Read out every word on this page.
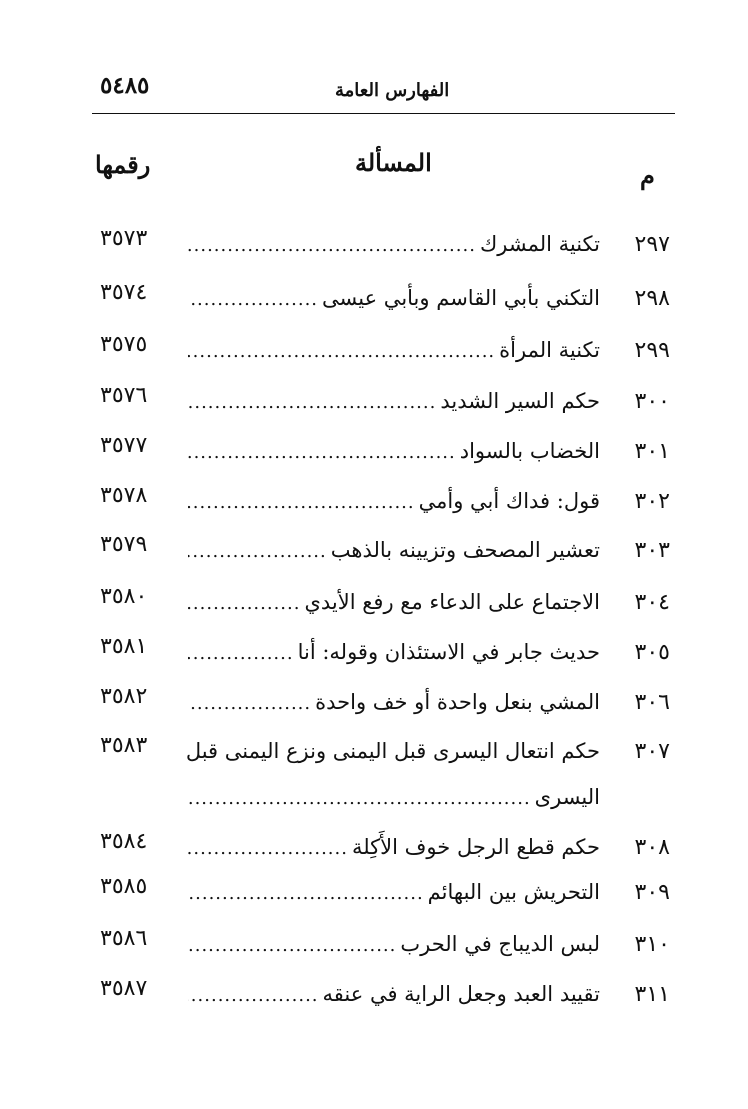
٥٤٨٥	الفهارس العامة
م
المسألة
رقمها
٢٩٧
تكنية المشرك
.....
٣٥٧٣
٢٩٨
التكني بأبي القاسم وبأبي عيسى
.....
٣٥٧٤
٢٩٩
تكنية المرأة
.....
٣٥٧٥
٣٠٠
حكم السير الشديد
.....
٣٥٧٦
٣٠١
الخضاب بالسواد
.....
٣٥٧٧
٣٠٢
قول: فداك أبي وأمي
.....
٣٥٧٨
٣٠٣
تعشير المصحف وتزيينه بالذهب
.....
٣٥٧٩
٣٠٤
الاجتماع على الدعاء مع رفع الأيدي
.....
٣٥٨٠
٣٠٥
حديث جابر في الاستئذان وقوله: أنا
.....
٣٥٨١
٣٠٦
المشي بنعل واحدة أو خف واحدة
.....
٣٥٨٢
٣٠٧
حكم انتعال اليسرى قبل اليمنى ونزع اليمنى قبل
اليسرى
.....
٣٥٨٣
٣٠٨
حكم قطع الرجل خوف الأَكِلة
.....
٣٥٨٤
٣٠٩
التحريش بين البهائم
.....
٣٥٨٥
٣١٠
لبس الديباج في الحرب
.....
٣٥٨٦
٣١١
تقييد العبد وجعل الراية في عنقه
.....
٣٥٨٧
